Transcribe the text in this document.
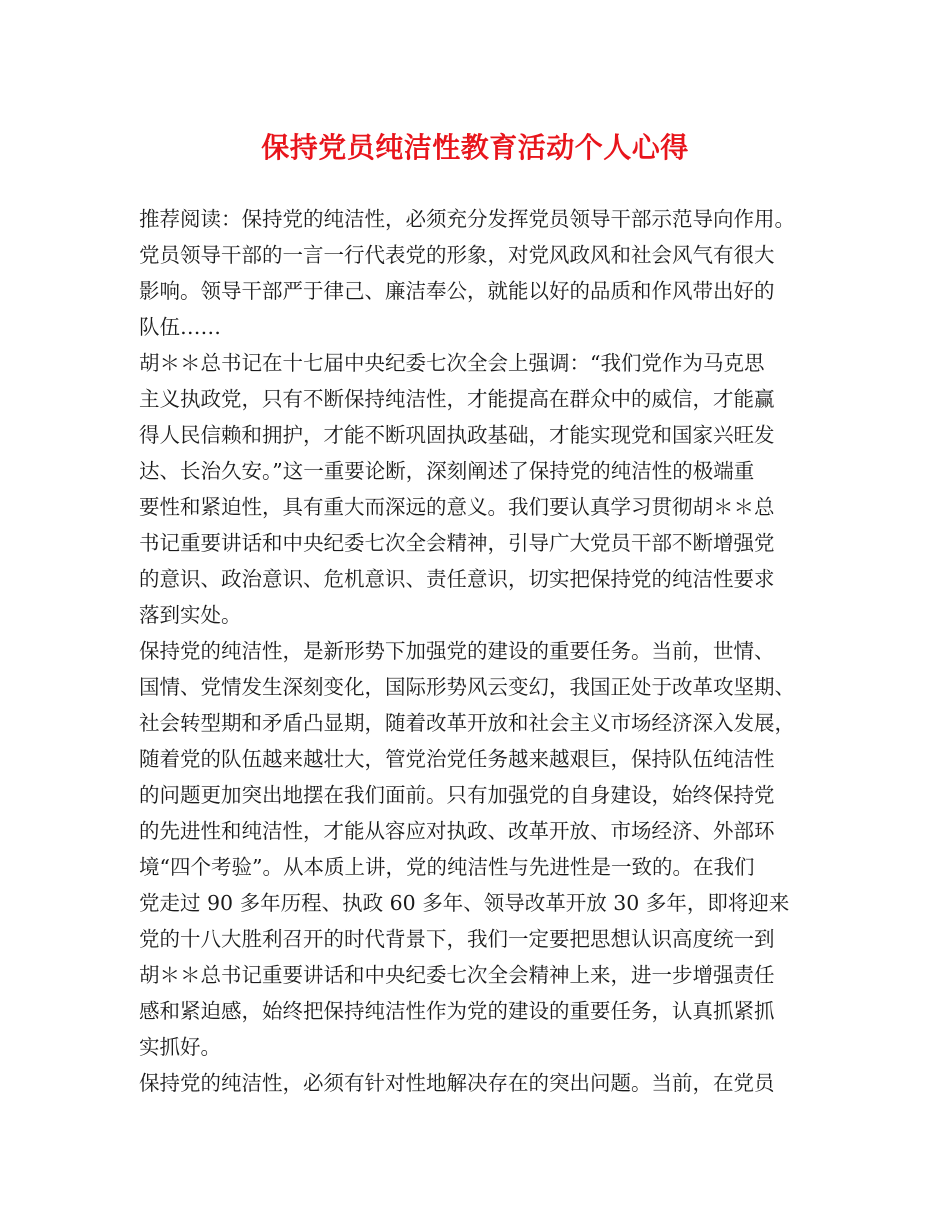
保持党员纯洁性教育活动个人心得
推荐阅读：保持党的纯洁性，必须充分发挥党员领导干部示范导向作用。
党员领导干部的一言一行代表党的形象，对党风政风和社会风气有很大
影响。领导干部严于律己、廉洁奉公，就能以好的品质和作风带出好的
队伍……
胡＊＊总书记在十七届中央纪委七次全会上强调：“我们党作为马克思
主义执政党，只有不断保持纯洁性，才能提高在群众中的威信，才能赢
得人民信赖和拥护，才能不断巩固执政基础，才能实现党和国家兴旺发
达、长治久安。”这一重要论断，深刻阐述了保持党的纯洁性的极端重
要性和紧迫性，具有重大而深远的意义。我们要认真学习贯彻胡＊＊总
书记重要讲话和中央纪委七次全会精神，引导广大党员干部不断增强党
的意识、政治意识、危机意识、责任意识，切实把保持党的纯洁性要求
落到实处。
保持党的纯洁性，是新形势下加强党的建设的重要任务。当前，世情、
国情、党情发生深刻变化，国际形势风云变幻，我国正处于改革攻坚期、
社会转型期和矛盾凸显期，随着改革开放和社会主义市场经济深入发展，
随着党的队伍越来越壮大，管党治党任务越来越艰巨，保持队伍纯洁性
的问题更加突出地摆在我们面前。只有加强党的自身建设，始终保持党
的先进性和纯洁性，才能从容应对执政、改革开放、市场经济、外部环
境“四个考验”。从本质上讲，党的纯洁性与先进性是一致的。在我们
党走过 90 多年历程、执政 60 多年、领导改革开放 30 多年，即将迎来
党的十八大胜利召开的时代背景下，我们一定要把思想认识高度统一到
胡＊＊总书记重要讲话和中央纪委七次全会精神上来，进一步增强责任
感和紧迫感，始终把保持纯洁性作为党的建设的重要任务，认真抓紧抓
实抓好。
保持党的纯洁性，必须有针对性地解决存在的突出问题。当前，在党员
